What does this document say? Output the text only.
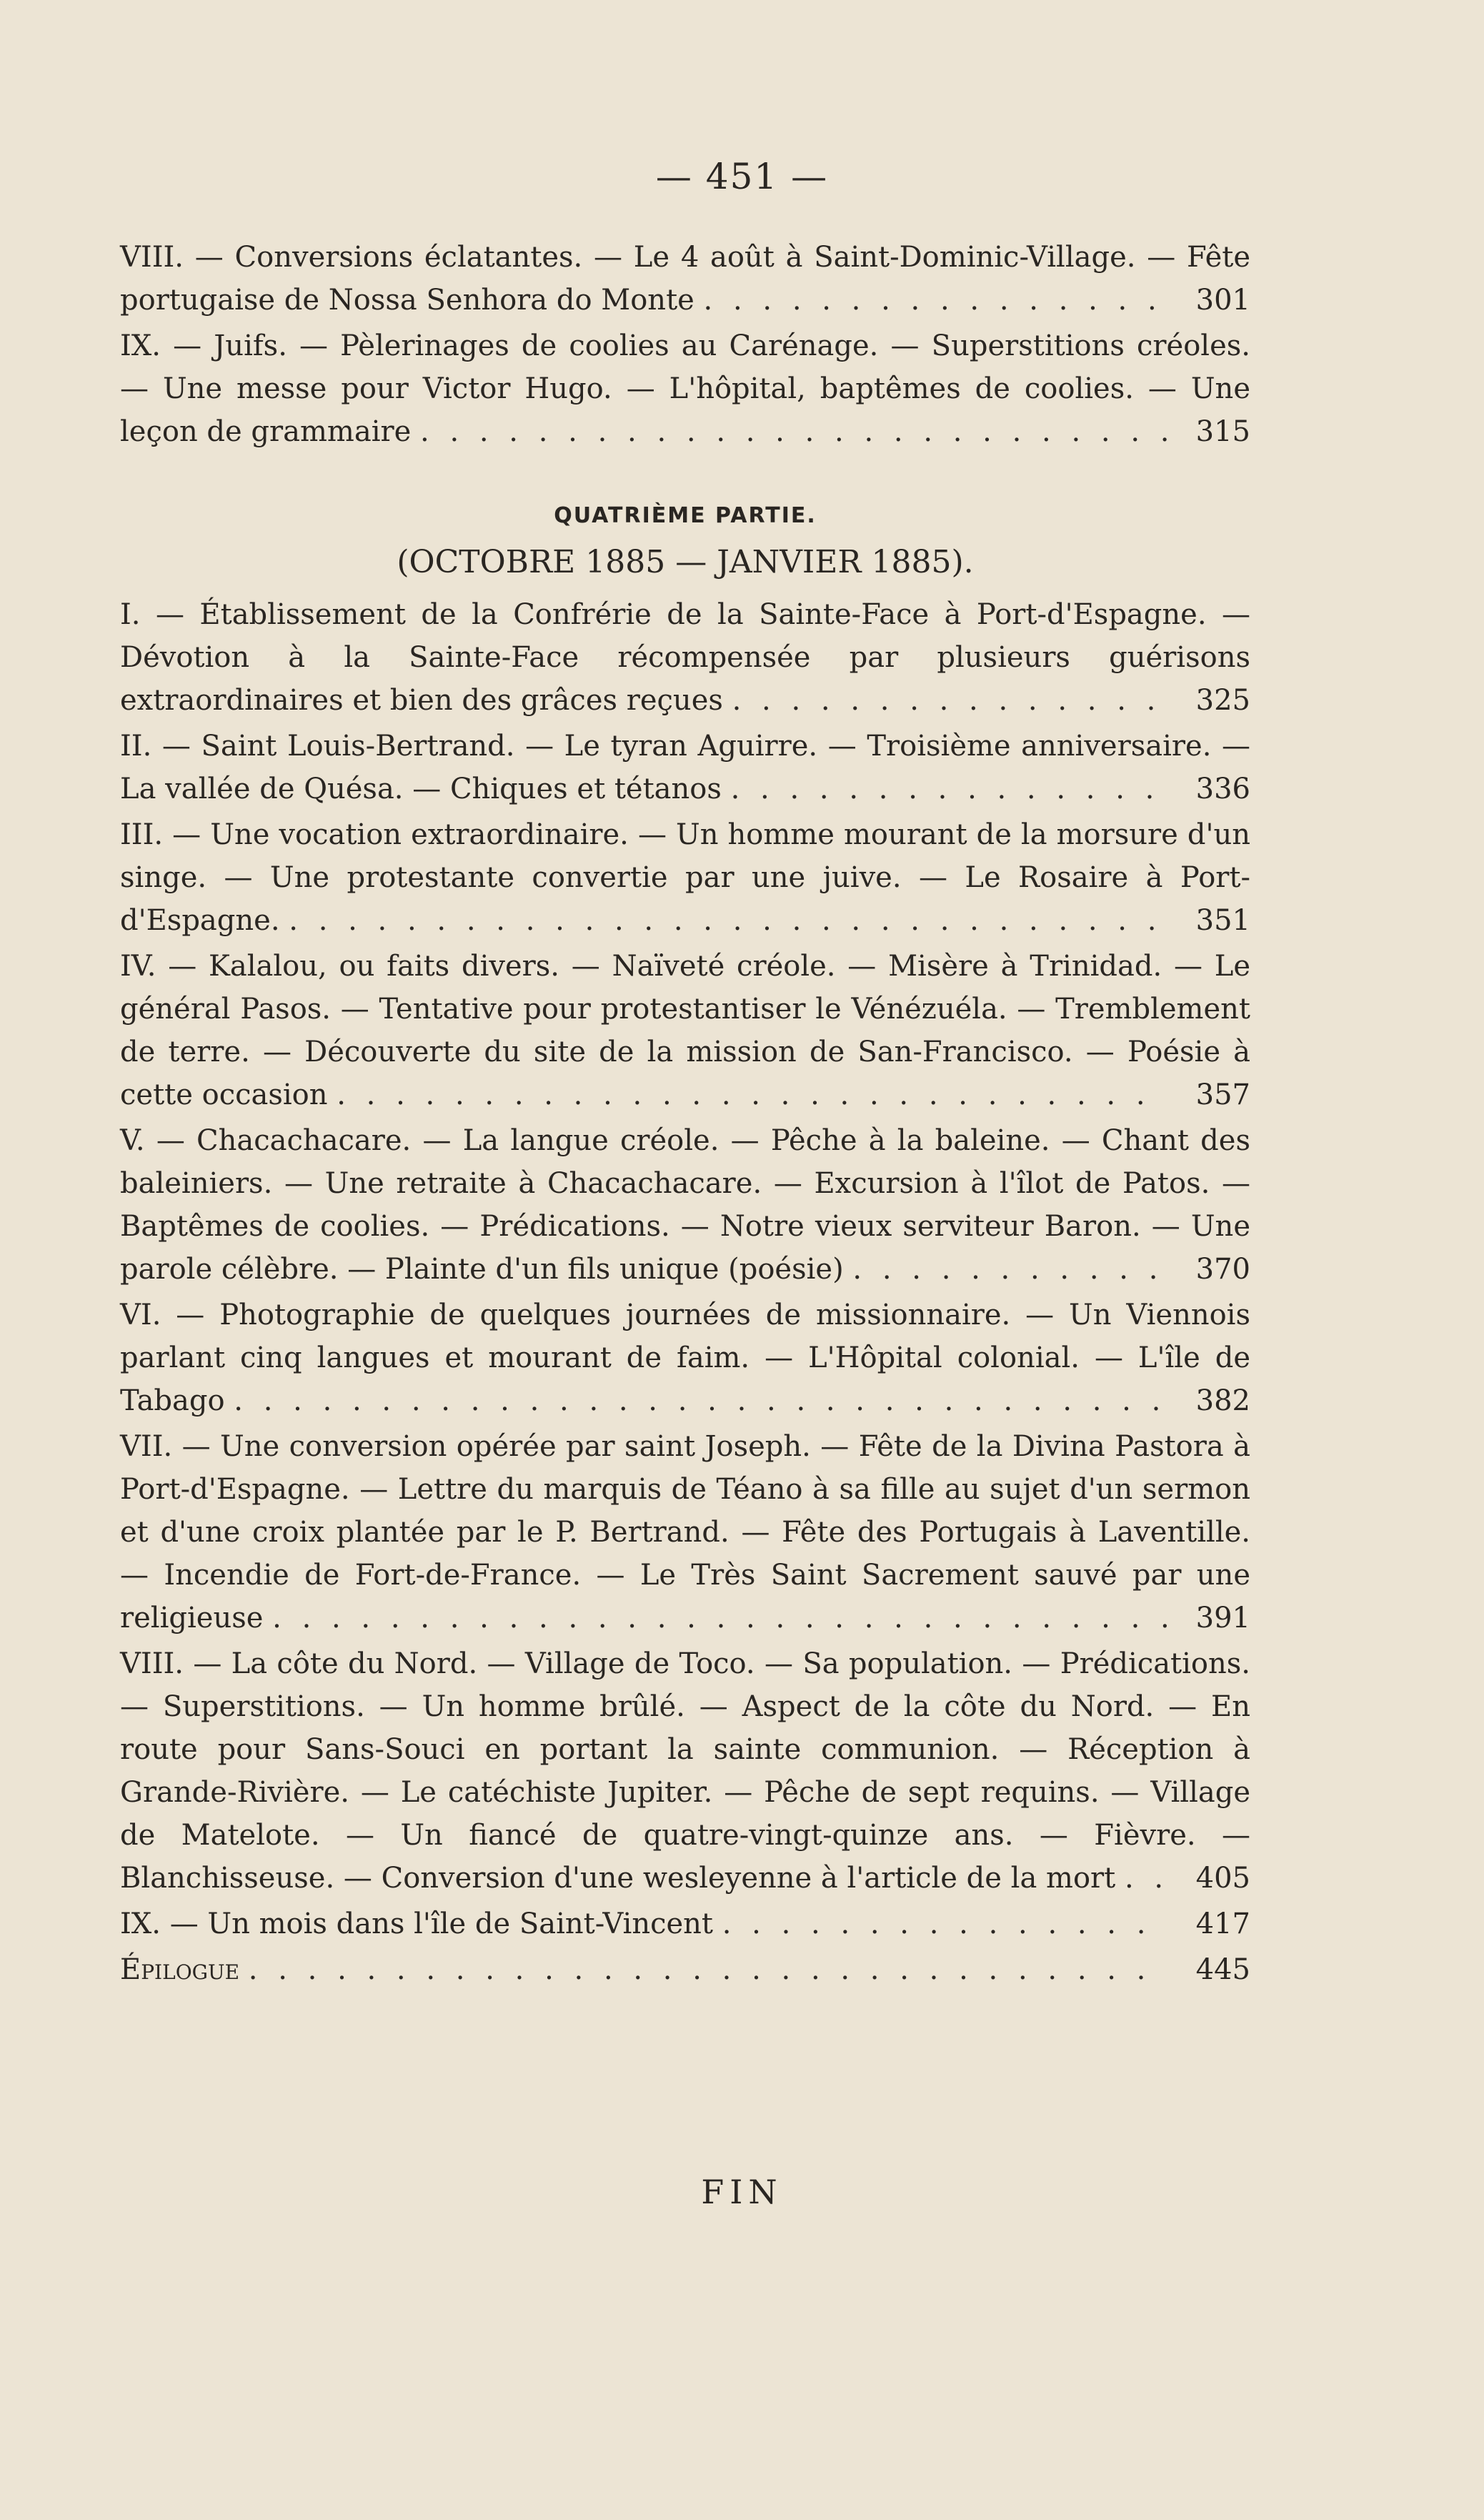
— 451 —
VIII. — Conversions éclatantes. — Le 4 août à Saint-Dominic-Village. — Fête portugaise de Nossa Senhora do Monte . . . . . . . . . . . . . . . .	301
IX. — Juifs. — Pèlerinages de coolies au Carénage. — Superstitions créoles. — Une messe pour Victor Hugo. — L'hôpital, baptêmes de coolies. — Une leçon de grammaire . . . . . . . . . . . . . . . . . . . . . . . . . . 315
QUATRIÈME PARTIE.
(OCTOBRE 1885 — JANVIER 1885).
I. — Établissement de la Confrérie de la Sainte-Face à Port-d'Espagne. — Dévotion à la Sainte-Face récompensée par plusieurs guérisons extraordinaires et bien des grâces reçues . . . . . . . . . . . . . . .	325
II. — Saint Louis-Bertrand. — Le tyran Aguirre. — Troisième anniversaire. — La vallée de Quésa. — Chiques et tétanos . . . . . . . . . . . . . . .	336
III. — Une vocation extraordinaire. — Un homme mourant de la morsure d'un singe. — Une protestante convertie par une juive. — Le Rosaire à Port-d'Espagne. . . . . . . . . . . . . . . . . . . . . . . . . . . . . . .	351
IV. — Kalalou, ou faits divers. — Naïveté créole. — Misère à Trinidad. — Le général Pasos. — Tentative pour protestantiser le Vénézuéla. — Tremblement de terre. — Découverte du site de la mission de San-Francisco. — Poésie à cette occasion . . . . . . . . . . . . . . . . . . . . . . . . . . . .	357
V. — Chacachacare. — La langue créole. — Pêche à la baleine. — Chant des baleiniers. — Une retraite à Chacachacare. — Excursion à l'îlot de Patos. — Baptêmes de coolies. — Prédications. — Notre vieux serviteur Baron. — Une parole célèbre. — Plainte d'un fils unique (poésie) . . . . . . . . . . .	370
VI. — Photographie de quelques journées de missionnaire. — Un Viennois parlant cinq langues et mourant de faim. — L'Hôpital colonial. — L'île de Tabago . . . . . . . . . . . . . . . . . . . . . . . . . . . . . . . .	382
VII. — Une conversion opérée par saint Joseph. — Fête de la Divina Pastora à Port-d'Espagne. — Lettre du marquis de Téano à sa fille au sujet d'un sermon et d'une croix plantée par le P. Bertrand. — Fête des Portugais à Laventille. — Incendie de Fort-de-France. — Le Très Saint Sacrement sauvé par une religieuse . . . . . . . . . . . . . . . . . . . . . . . . . . . . . . . 391
VIII. — La côte du Nord. — Village de Toco. — Sa population. — Prédications. — Superstitions. — Un homme brûlé. — Aspect de la côte du Nord. — En route pour Sans-Souci en portant la sainte communion. — Réception à Grande-Rivière. — Le catéchiste Jupiter. — Pêche de sept requins. — Village de Matelote. — Un fiancé de quatre-vingt-quinze ans. — Fièvre. — Blanchisseuse. — Conversion d'une wesleyenne à l'article de la mort . . 405
IX. — Un mois dans l'île de Saint-Vincent . . . . . . . . . . . . . . .	417
Épilogue . . . . . . . . . . . . . . . . . . . . . . . . . . . . . . .	445
FIN
